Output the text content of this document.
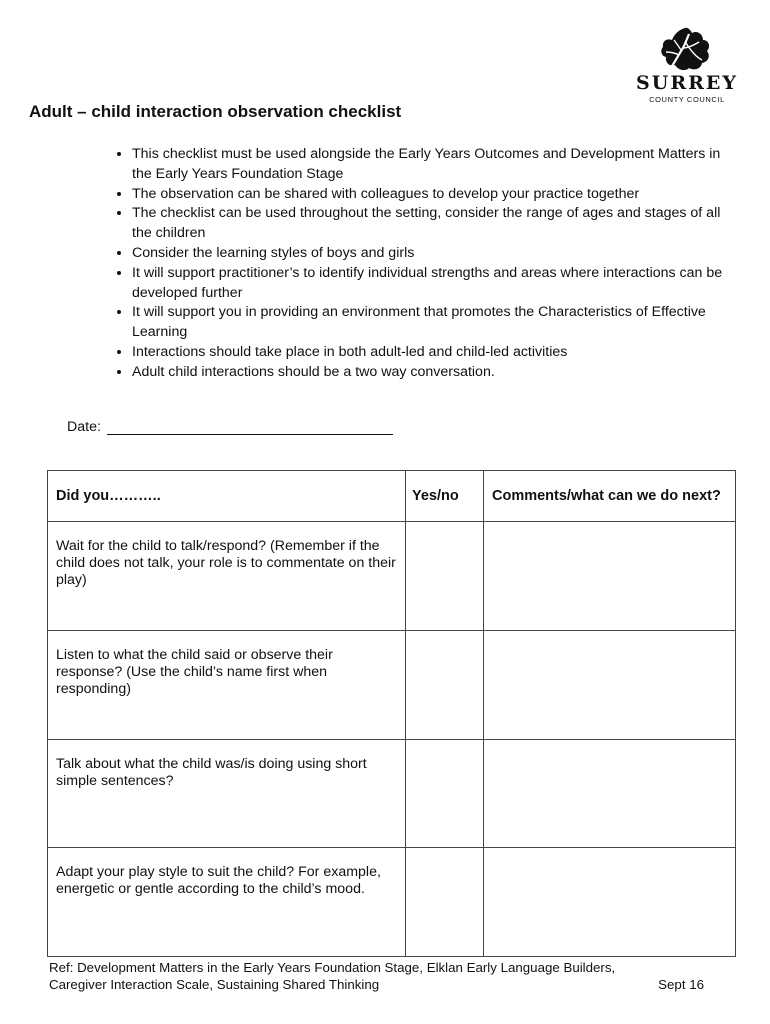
SURREY
COUNTY COUNCIL
Adult – child interaction observation checklist
• This checklist must be used alongside the Early Years Outcomes and Development Matters in the Early Years Foundation Stage
• The observation can be shared with colleagues to develop your practice together
• The checklist can be used throughout the setting, consider the range of ages and stages of all the children
• Consider the learning styles of boys and girls
• It will support practitioner’s to identify individual strengths and areas where interactions can be developed further
• It will support you in providing an environment that promotes the Characteristics of Effective Learning
• Interactions should take place in both adult-led and child-led activities
• Adult child interactions should be a two way conversation.
Date:
Did you………..	Yes/no	Comments/what can we do next?
Wait for the child to talk/respond? (Remember if the child does not talk, your role is to commentate on their play)		
Listen to what the child said or observe their response? (Use the child’s name first when responding)		
Talk about what the child was/is doing using short simple sentences?		
Adapt your play style to suit the child? For example, energetic or gentle according to the child’s mood.		
Ref: Development Matters in the Early Years Foundation Stage, Elklan Early Language Builders,
Caregiver Interaction Scale, Sustaining Shared Thinking	Sept 16
